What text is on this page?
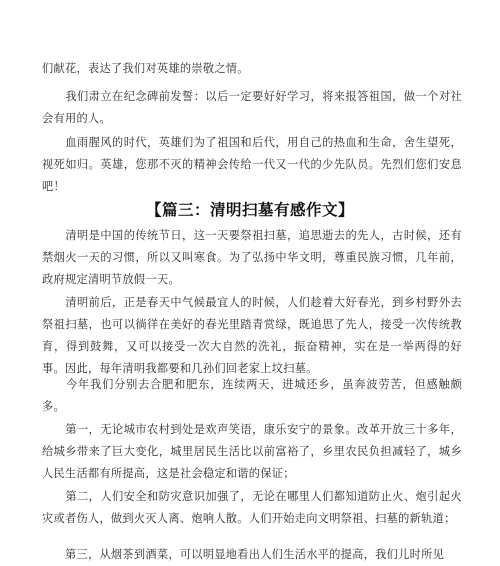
们献花，表达了我们对英雄的崇敬之情。

　　我们肃立在纪念碑前发誓：以后一定要好好学习，将来报答祖国，做一个对社会有用的人。

　　血雨腥风的时代，英雄们为了祖国和后代，用自己的热血和生命，舍生望死，视死如归。英雄，您那不灭的精神会传给一代又一代的少先队员。先烈们您们安息吧！

【篇三：清明扫墓有感作文】

　　清明是中国的传统节日，这一天要祭祖扫墓，追思逝去的先人，古时候，还有禁烟火一天的习惯，所以又叫寒食。为了弘扬中华文明，尊重民族习惯，几年前，政府规定清明节放假一天。

　　清明前后，正是春天中气候最宜人的时候，人们趁着大好春光，到乡村野外去祭祖扫墓，也可以徜徉在美好的春光里踏青赏绿，既追思了先人，接受一次传统教育，得到鼓舞，又可以接受一次大自然的洗礼，振奋精神，实在是一举两得的好事。因此，每年清明我都要和几孙们回老家上坟扫墓。

　　今年我们分别去合肥和肥东，连续两天，进城还乡，虽奔波劳苦，但感触颇多。

　　第一，无论城市农村到处是欢声笑语，康乐安宁的景象。改革开放三十多年，给城乡带来了巨大变化，城里居民生活比以前富裕了，乡里农民负担减轻了，城乡人民生活都有所提高，这是社会稳定和谐的保证；

　　第二，人们安全和防灾意识加强了，无论在哪里人们都知道防止火、炮引起火灾或者伤人，做到火灭人离、炮响人散。人们开始走向文明祭祖、扫墓的新轨道；

　　第三，从烟茶到酒菜，可以明显地看出人们生活水平的提高，我们儿时所见
